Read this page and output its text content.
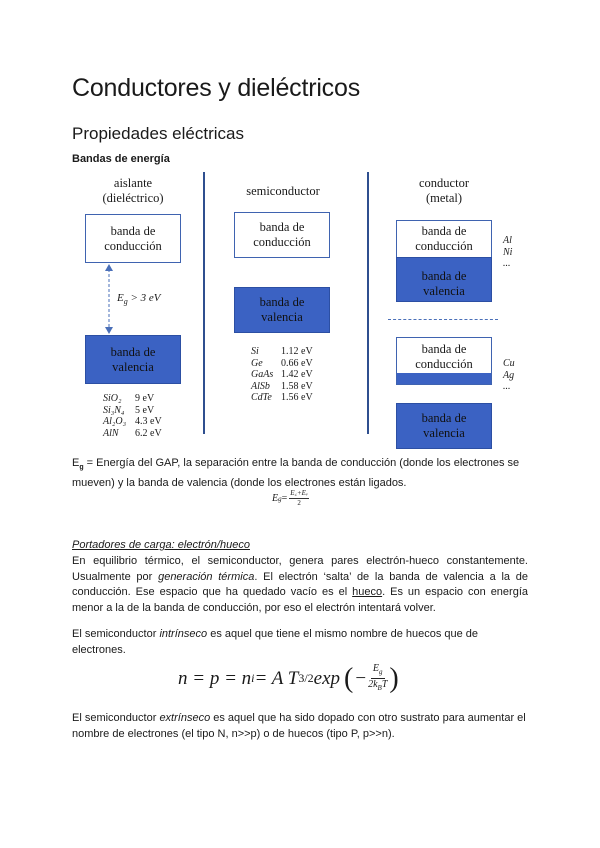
Conductores y dieléctricos
Propiedades eléctricas
Bandas de energía
aislante
(dieléctrico)
banda de conducción
$E_g > 3$ eV
banda de valencia
SiO₂ 9 eV
Si₃N₄ 5 eV
Al₂O₃ 4.3 eV
AlN 6.2 eV
semiconductor
banda de conducción
banda de valencia
Si 1.12 eV
Ge 0.66 eV
GaAs 1.42 eV
AlSb 1.58 eV
CdTe 1.56 eV
conductor
(metal)
banda de conducción
banda de valencia
Al
Ni
...
banda de conducción	Cu
Ag
...
banda de valencia
$E_g$ = Energía del GAP, la separación entre la banda de conducción (donde los electrones se mueven) y la banda de valencia (donde los electrones están ligados.
E $g = \frac{\text{E꜀+Eᵥ}}{2}$
Portadores de carga: electrón/hueco
En equilibrio térmico, el semiconductor, genera pares electrón-hueco constantemente. Usualmente por generación térmica. El electrón ‘salta’ de la banda de valencia a la de conducción. Ese espacio que ha quedado vacío es el hueco. Es un espacio con energía menor a la de la banda de conducción, por eso el electrón intentará volver.
El semiconductor intrínseco es aquel que tiene el mismo nombre de huecos que de electrones.
n = p = n i = A T 3/2 exp ( − $E_g$
$2k_BT$ )
El semiconductor extrínseco es aquel que ha sido dopado con otro sustrato para aumentar el nombre de electrones (el tipo N, n>>p) o de huecos (tipo P, p>>n).
